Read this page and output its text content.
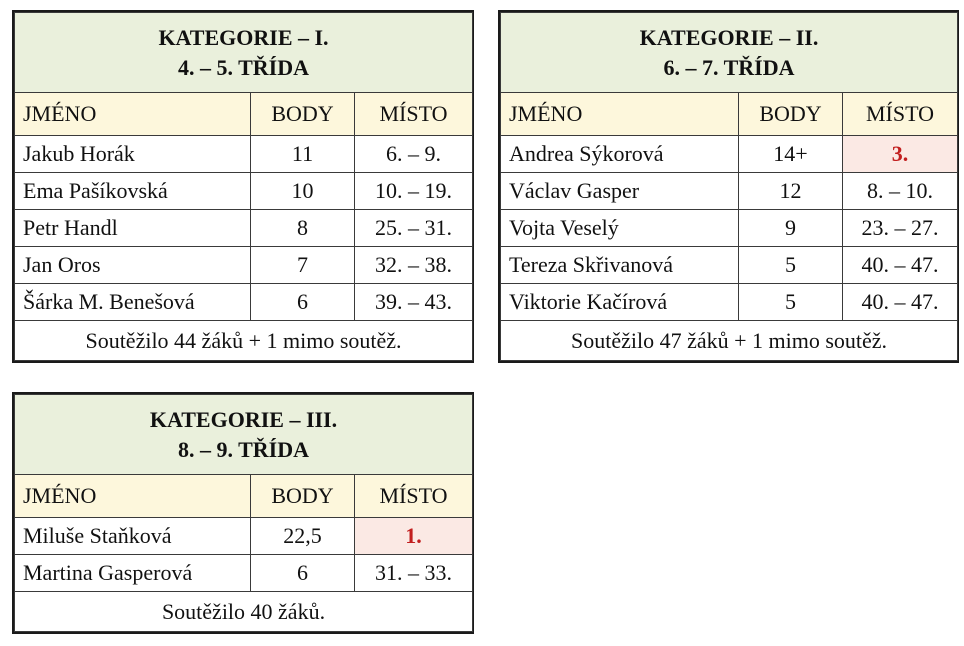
KATEGORIE – I.
4. – 5. TŘÍDA		

JMÉNO	BODY	MÍSTO
Jakub Horák	11	6. – 9.
Ema Pašíkovská	10	10. – 19.
Petr Handl	8	25. – 31.
Jan Oros	7	32. – 38.
Šárka M. Benešová	6	39. – 43.
Soutěžilo 44 žáků + 1 mimo soutěž.		
KATEGORIE – II.
6. – 7. TŘÍDA		

JMÉNO	BODY	MÍSTO
Andrea Sýkorová	14+	3.
Václav Gasper	12	8. – 10.
Vojta Veselý	9	23. – 27.
Tereza Skřivanová	5	40. – 47.
Viktorie Kačírová	5	40. – 47.
Soutěžilo 47 žáků + 1 mimo soutěž.		
KATEGORIE – III.
8. – 9. TŘÍDA		

JMÉNO	BODY	MÍSTO
Miluše Staňková	22,5	1.
Martina Gasperová	6	31. – 33.
Soutěžilo 40 žáků.		
